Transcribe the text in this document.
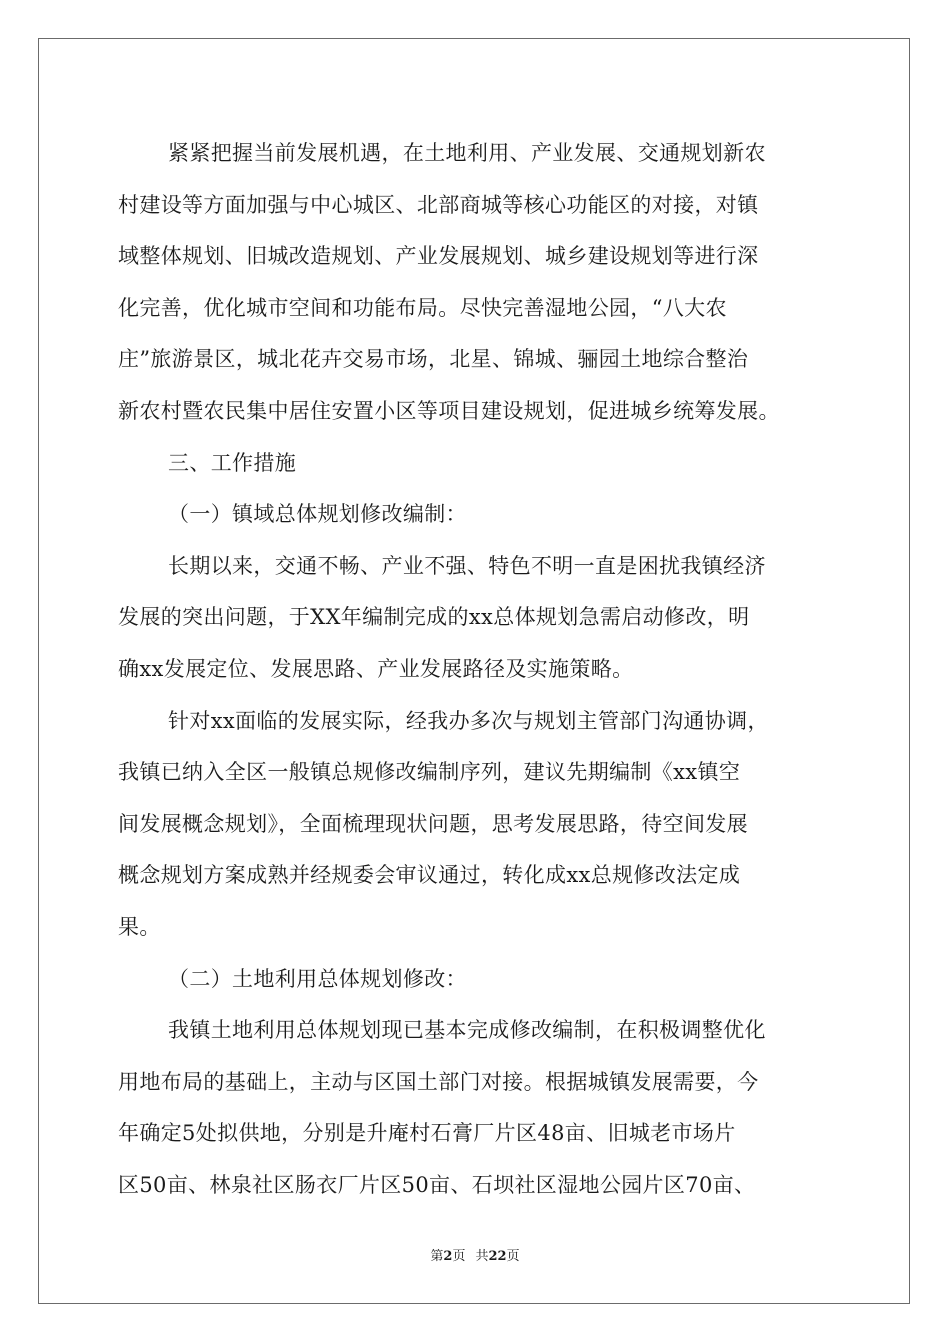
紧紧把握当前发展机遇，在土地利用、产业发展、交通规划新农
村建设等方面加强与中心城区、北部商城等核心功能区的对接，对镇
域整体规划、旧城改造规划、产业发展规划、城乡建设规划等进行深
化完善，优化城市空间和功能布局。尽快完善湿地公园，“八大农
庄”旅游景区，城北花卉交易市场，北星、锦城、骊园土地综合整治
新农村暨农民集中居住安置小区等项目建设规划，促进城乡统筹发展。
三、工作措施
（一）镇域总体规划修改编制：
长期以来，交通不畅、产业不强、特色不明一直是困扰我镇经济
发展的突出问题，于XX年编制完成的xx总体规划急需启动修改，明
确xx发展定位、发展思路、产业发展路径及实施策略。
针对xx面临的发展实际，经我办多次与规划主管部门沟通协调，
我镇已纳入全区一般镇总规修改编制序列，建议先期编制《xx镇空
间发展概念规划》，全面梳理现状问题，思考发展思路，待空间发展
概念规划方案成熟并经规委会审议通过，转化成xx总规修改法定成
果。
（二）土地利用总体规划修改：
我镇土地利用总体规划现已基本完成修改编制，在积极调整优化
用地布局的基础上，主动与区国土部门对接。根据城镇发展需要，今
年确定5处拟供地，分别是升庵村石膏厂片区48亩、旧城老市场片
区50亩、林泉社区肠衣厂片区50亩、石坝社区湿地公园片区70亩、
第2页 共22页
